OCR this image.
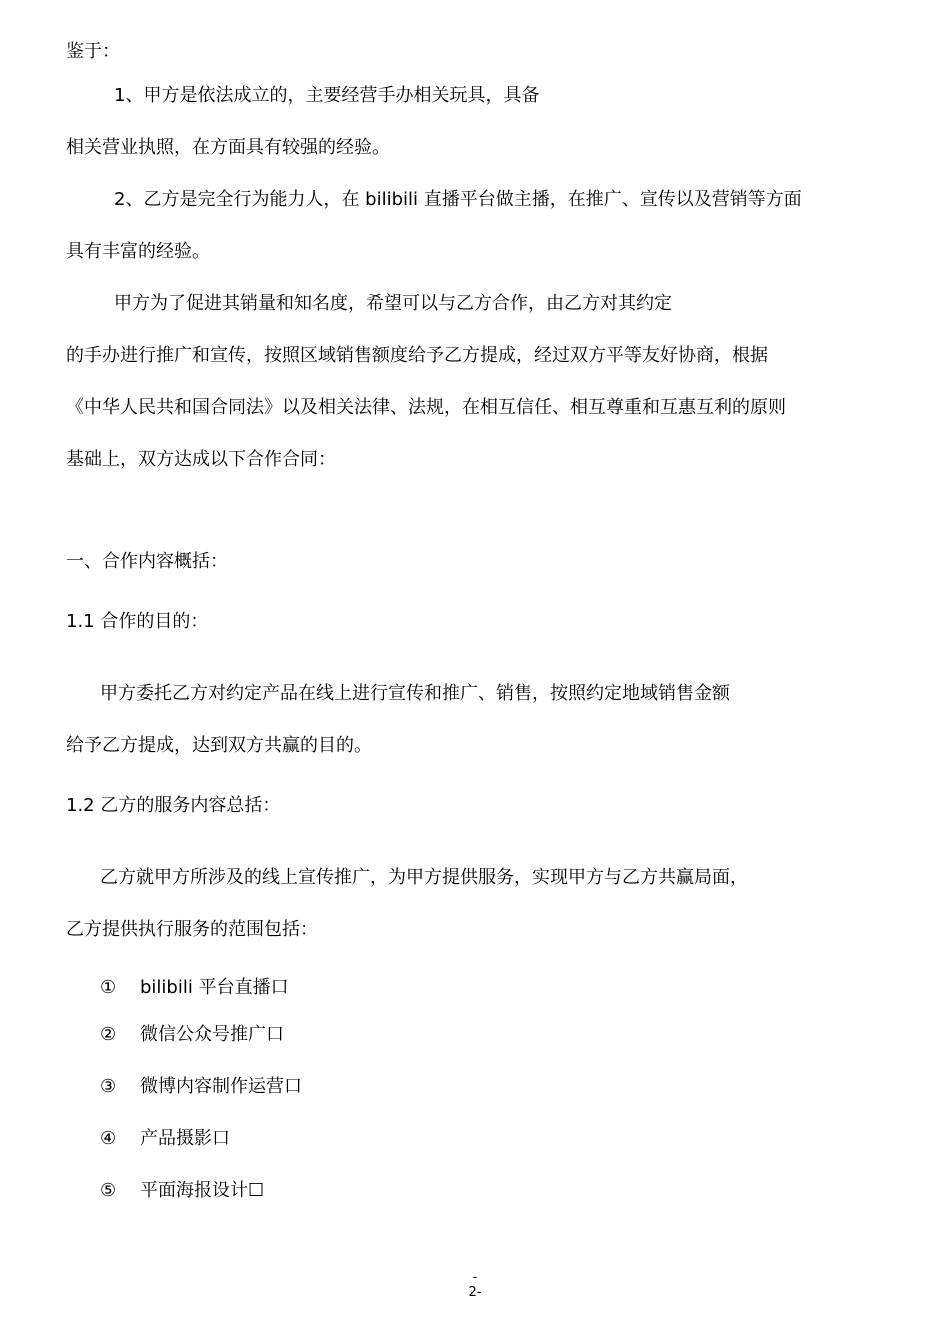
鉴于：

1、甲方是依法成立的，主要经营手办相关玩具，具备

相关营业执照，在方面具有较强的经验。

2、乙方是完全行为能力人，在 bilibili 直播平台做主播，在推广、宣传以及营销等方面

具有丰富的经验。

甲方为了促进其销量和知名度，希望可以与乙方合作，由乙方对其约定

的手办进行推广和宣传，按照区域销售额度给予乙方提成，经过双方平等友好协商，根据

《中华人民共和国合同法》以及相关法律、法规，在相互信任、相互尊重和互惠互利的原则

基础上，双方达成以下合作合同：

一、合作内容概括：

1.1 合作的目的：

甲方委托乙方对约定产品在线上进行宣传和推广、销售，按照约定地域销售金额

给予乙方提成，达到双方共赢的目的。

1.2 乙方的服务内容总括：

乙方就甲方所涉及的线上宣传推广，为甲方提供服务，实现甲方与乙方共赢局面，

乙方提供执行服务的范围包括：

① bilibili 平台直播口
② 微信公众号推广口
③ 微博内容制作运营口
④ 产品摄影口
⑤ 平面海报设计☐
-
2-
